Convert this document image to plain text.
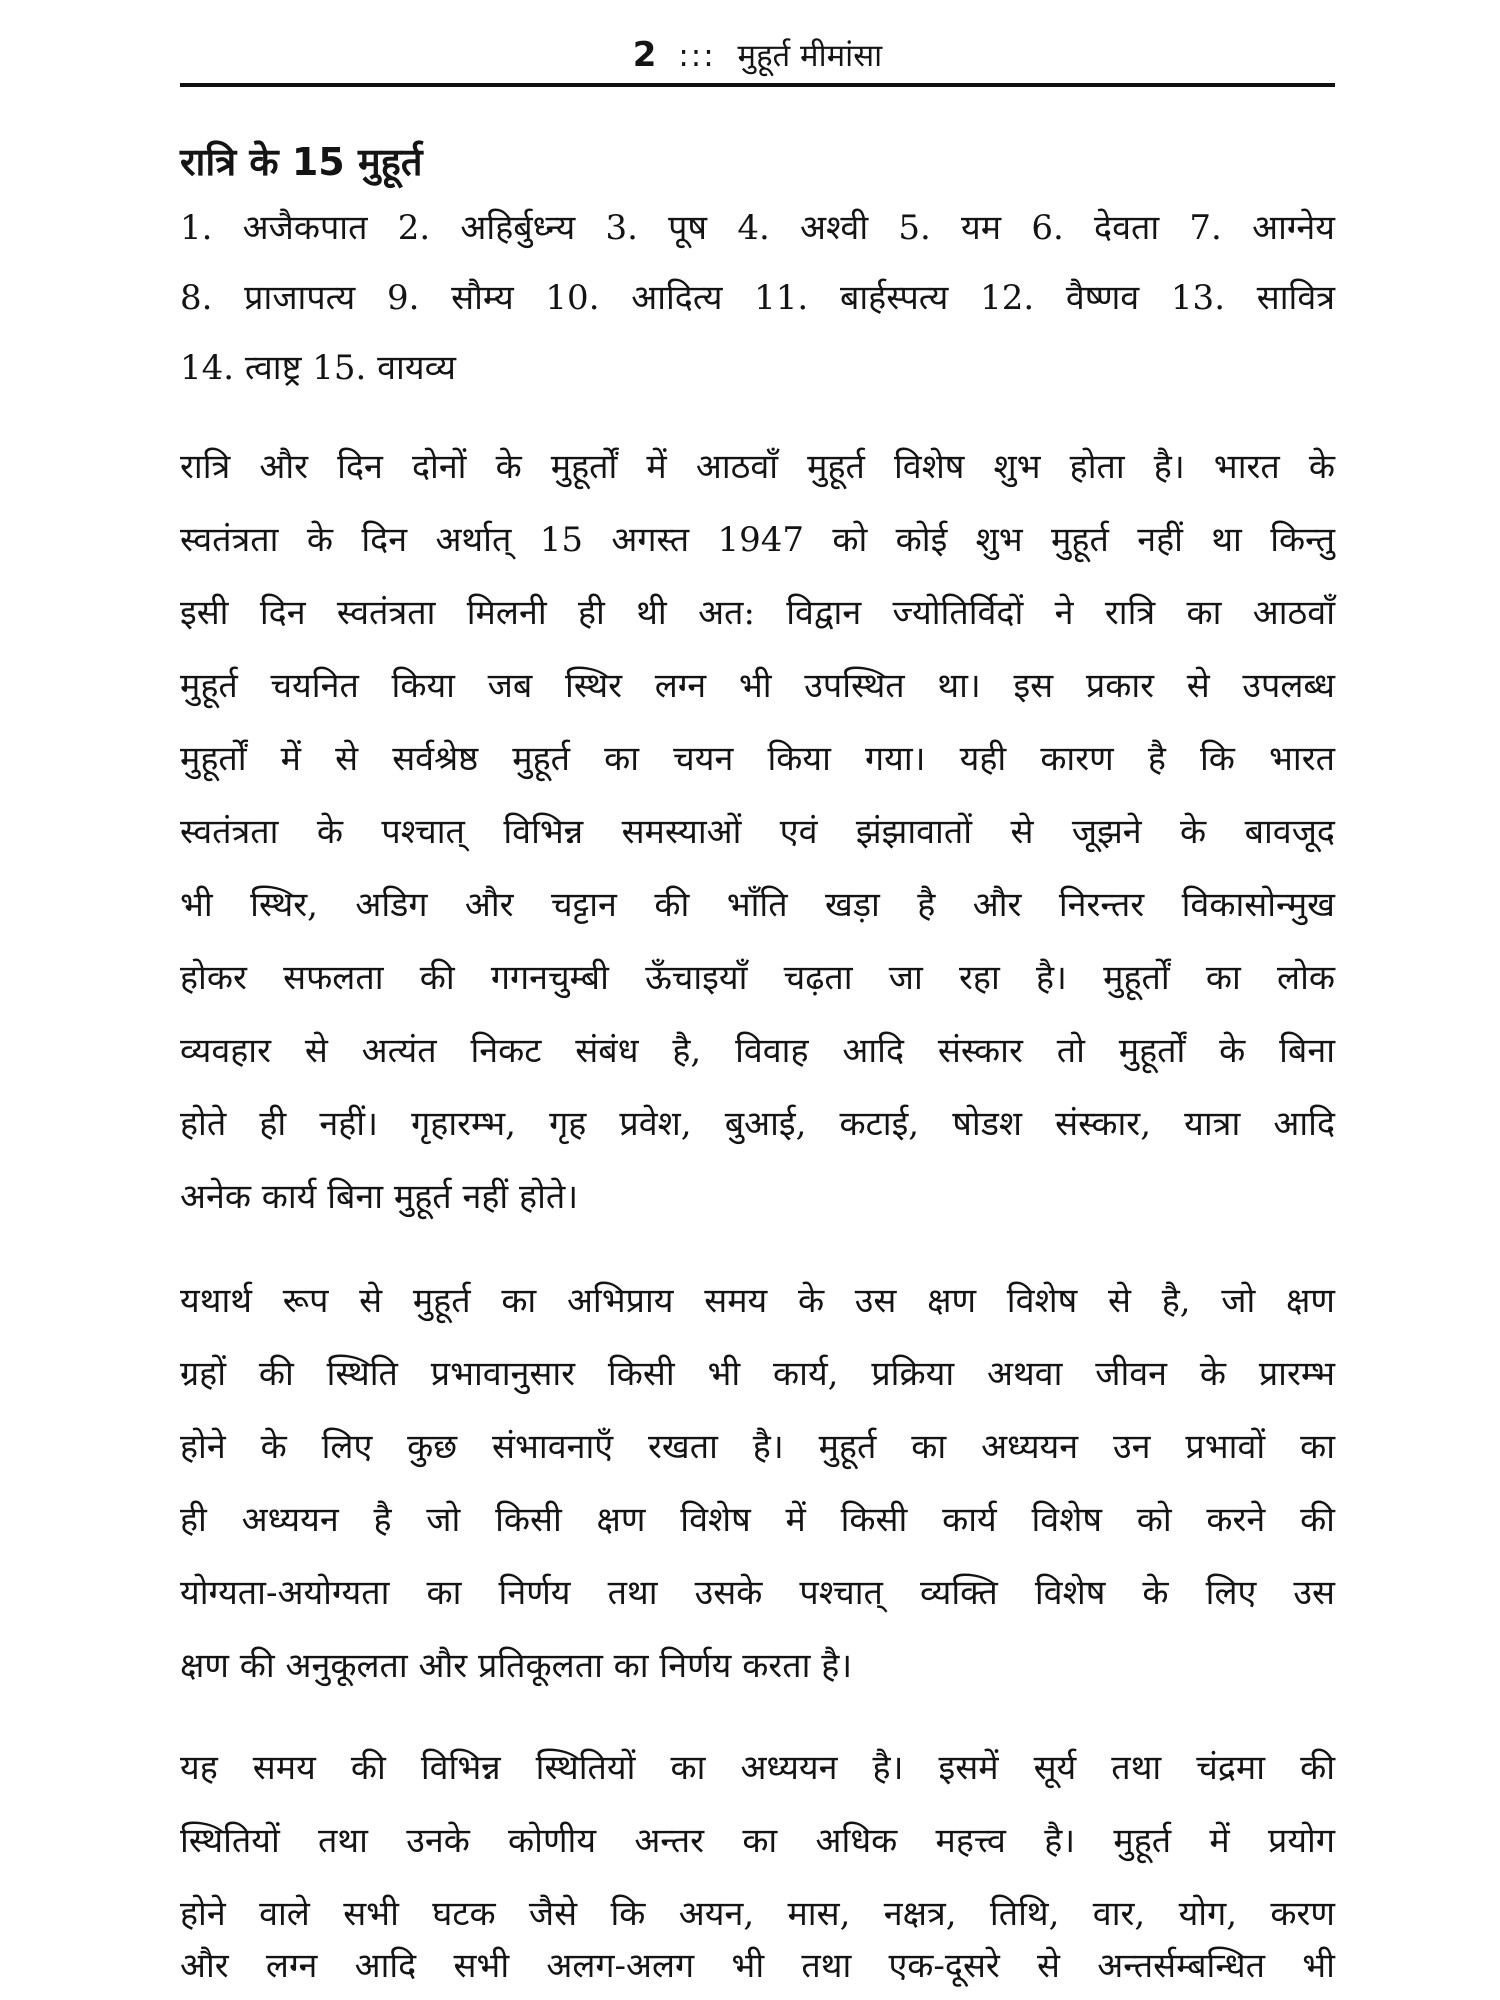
2 ::: मुहूर्त मीमांसा
रात्रि के 15 मुहूर्त
1. अजैकपात 2. अहिर्बुध्न्य 3. पूष 4. अश्वी 5. यम 6. देवता 7. आग्नेय
8. प्राजापत्य 9. सौम्य 10. आदित्य 11. बार्हस्पत्य 12. वैष्णव 13. सावित्र
14. त्वाष्ट्र 15. वायव्य
रात्रि और दिन दोनों के मुहूर्तों में आठवाँ मुहूर्त विशेष शुभ होता है। भारत के
स्वतंत्रता के दिन अर्थात् 15 अगस्त 1947 को कोई शुभ मुहूर्त नहीं था किन्तु
इसी दिन स्वतंत्रता मिलनी ही थी अत: विद्वान ज्योतिर्विदों ने रात्रि का आठवाँ
मुहूर्त चयनित किया जब स्थिर लग्न भी उपस्थित था। इस प्रकार से उपलब्ध
मुहूर्तों में से सर्वश्रेष्ठ मुहूर्त का चयन किया गया। यही कारण है कि भारत
स्वतंत्रता के पश्चात् विभिन्न समस्याओं एवं झंझावातों से जूझने के बावजूद
भी स्थिर, अडिग और चट्टान की भाँति खड़ा है और निरन्तर विकासोन्मुख
होकर सफलता की गगनचुम्बी ऊँचाइयाँ चढ़ता जा रहा है। मुहूर्तों का लोक
व्यवहार से अत्यंत निकट संबंध है, विवाह आदि संस्कार तो मुहूर्तों के बिना
होते ही नहीं। गृहारम्भ, गृह प्रवेश, बुआई, कटाई, षोडश संस्कार, यात्रा आदि
अनेक कार्य बिना मुहूर्त नहीं होते।
यथार्थ रूप से मुहूर्त का अभिप्राय समय के उस क्षण विशेष से है, जो क्षण
ग्रहों की स्थिति प्रभावानुसार किसी भी कार्य, प्रक्रिया अथवा जीवन के प्रारम्भ
होने के लिए कुछ संभावनाएँ रखता है। मुहूर्त का अध्ययन उन प्रभावों का
ही अध्ययन है जो किसी क्षण विशेष में किसी कार्य विशेष को करने की
योग्यता-अयोग्यता का निर्णय तथा उसके पश्चात् व्यक्ति विशेष के लिए उस
क्षण की अनुकूलता और प्रतिकूलता का निर्णय करता है।
यह समय की विभिन्न स्थितियों का अध्ययन है। इसमें सूर्य तथा चंद्रमा की
स्थितियों तथा उनके कोणीय अन्तर का अधिक महत्त्व है। मुहूर्त में प्रयोग
होने वाले सभी घटक जैसे कि अयन, मास, नक्षत्र, तिथि, वार, योग, करण
और लग्न आदि सभी अलग-अलग भी तथा एक-दूसरे से अन्तर्सम्बन्धित भी
